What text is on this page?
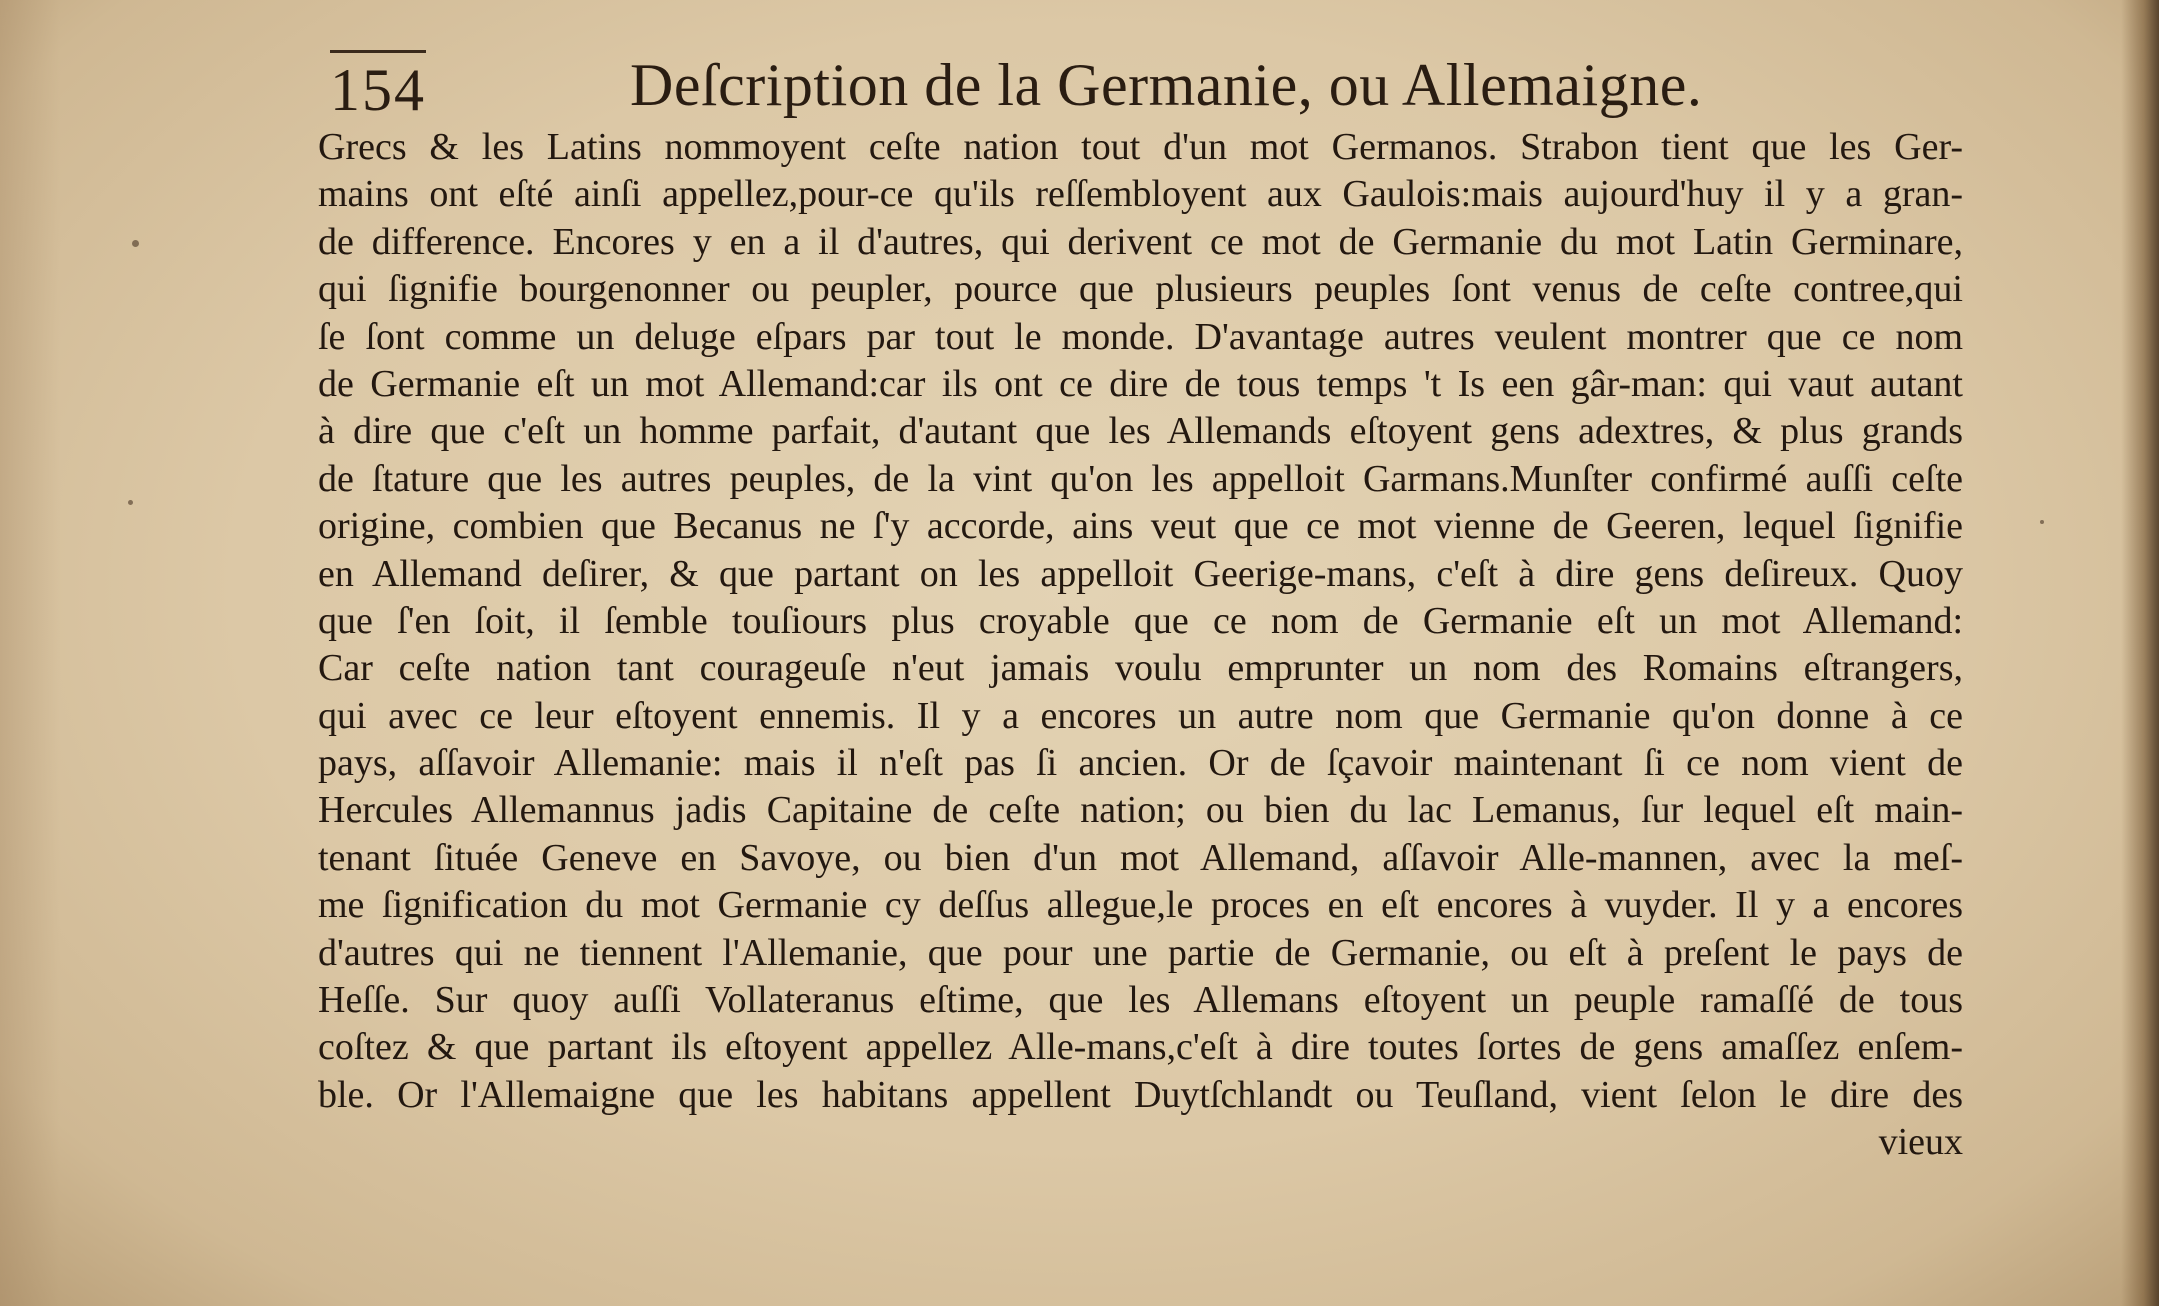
154	Deſcription de la Germanie, ou Allemaigne.
Grecs & les Latins nommoyent ceſte nation tout d'un mot Germanos. Strabon tient que les Ger-
mains ont eſté ainſi appellez,pour-ce qu'ils reſſembloyent aux Gaulois:mais aujourd'huy il y a gran-
de difference. Encores y en a il d'autres, qui derivent ce mot de Germanie du mot Latin Germinare,
qui ſignifie bourgenonner ou peupler, pource que plusieurs peuples ſont venus de ceſte contree,qui
ſe ſont comme un deluge eſpars par tout le monde. D'avantage autres veulent montrer que ce nom
de Germanie eſt un mot Allemand:car ils ont ce dire de tous temps 't Is een gâr-man: qui vaut autant
à dire que c'eſt un homme parfait, d'autant que les Allemands eſtoyent gens adextres, & plus grands
de ſtature que les autres peuples, de la vint qu'on les appelloit Garmans.Munſter confirmé auſſi ceſte
origine, combien que Becanus ne ſ'y accorde, ains veut que ce mot vienne de Geeren, lequel ſignifie
en Allemand deſirer, & que partant on les appelloit Geerige-mans, c'eſt à dire gens deſireux. Quoy
que ſ'en ſoit, il ſemble touſiours plus croyable que ce nom de Germanie eſt un mot Allemand:
Car ceſte nation tant courageuſe n'eut jamais voulu emprunter un nom des Romains eſtrangers,
qui avec ce leur eſtoyent ennemis. Il y a encores un autre nom que Germanie qu'on donne à ce
pays, aſſavoir Allemanie: mais il n'eſt pas ſi ancien. Or de ſçavoir maintenant ſi ce nom vient de
Hercules Allemannus jadis Capitaine de ceſte nation; ou bien du lac Lemanus, ſur lequel eſt main-
tenant ſituée Geneve en Savoye, ou bien d'un mot Allemand, aſſavoir Alle-mannen, avec la meſ-
me ſignification du mot Germanie cy deſſus allegue,le proces en eſt encores à vuyder. Il y a encores
d'autres qui ne tiennent l'Allemanie, que pour une partie de Germanie, ou eſt à preſent le pays de
Heſſe. Sur quoy auſſi Vollateranus eſtime, que les Allemans eſtoyent un peuple ramaſſé de tous
coſtez & que partant ils eſtoyent appellez Alle-mans,c'eſt à dire toutes ſortes de gens amaſſez enſem-
ble. Or l'Allemaigne que les habitans appellent Duytſchlandt ou Teuſland, vient ſelon le dire des
vieux
